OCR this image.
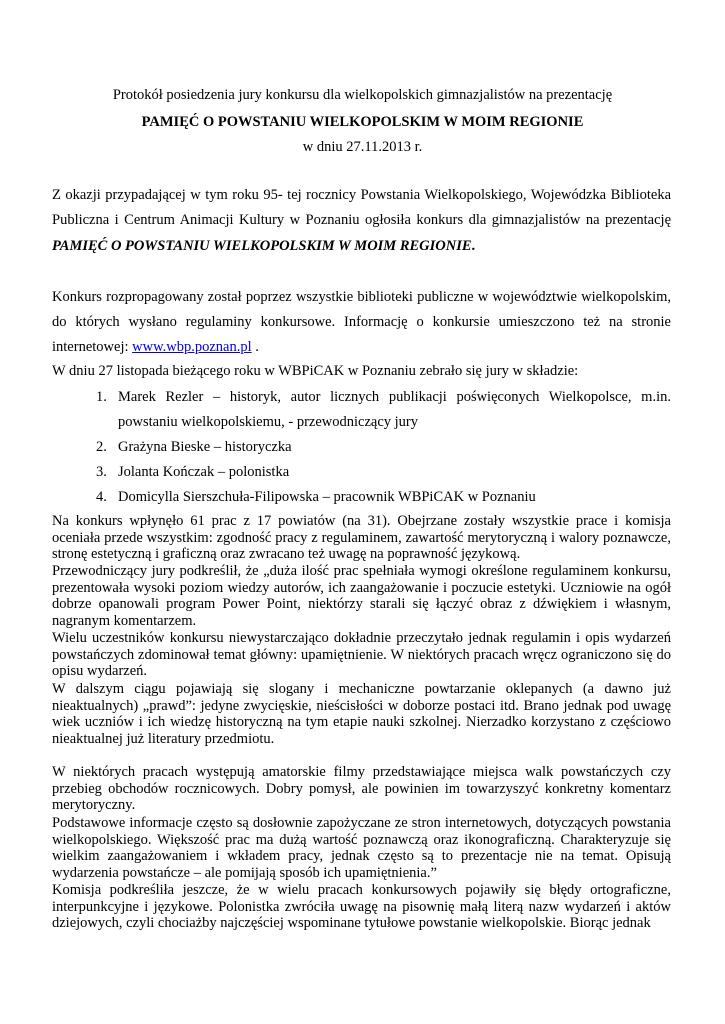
Protokół posiedzenia jury konkursu dla wielkopolskich gimnazjalistów na prezentację
PAMIĘĆ O POWSTANIU WIELKOPOLSKIM W MOIM REGIONIE
w dniu 27.11.2013 r.
Z okazji przypadającej w tym roku 95- tej rocznicy Powstania Wielkopolskiego, Wojewódzka Biblioteka
Publiczna i Centrum Animacji Kultury w Poznaniu ogłosiła konkurs dla gimnazjalistów na prezentację
PAMIĘĆ O POWSTANIU WIELKOPOLSKIM W MOIM REGIONIE.
Konkurs rozpropagowany został poprzez wszystkie biblioteki publiczne w województwie wielkopolskim,
do których wysłano regulaminy konkursowe. Informację o konkursie umieszczono też na stronie
internetowej: www.wbp.poznan.pl .
W dniu 27 listopada bieżącego roku w WBPiCAK w Poznaniu zebrało się jury w składzie:
1. Marek Rezler – historyk, autor licznych publikacji poświęconych Wielkopolsce, m.in.
powstaniu wielkopolskiemu, - przewodniczący jury
2. Grażyna Bieske – historyczka
3. Jolanta Kończak – polonistka
4. Domicylla Sierszchuła-Filipowska – pracownik WBPiCAK w Poznaniu

Na konkurs wpłynęło 61 prac z 17 powiatów (na 31). Obejrzane zostały wszystkie prace i komisja oceniała przede wszystkim: zgodność pracy z regulaminem, zawartość merytoryczną i walory poznawcze, stronę estetyczną i graficzną oraz zwracano też uwagę na poprawność językową.

Przewodniczący jury podkreślił, że „duża ilość prac spełniała wymogi określone regulaminem konkursu, prezentowała wysoki poziom wiedzy autorów, ich zaangażowanie i poczucie estetyki. Uczniowie na ogół dobrze opanowali program Power Point, niektórzy starali się łączyć obraz z dźwiękiem i własnym, nagranym komentarzem.

Wielu uczestników konkursu niewystarczająco dokładnie przeczytało jednak regulamin i opis wydarzeń powstańczych zdominował temat główny: upamiętnienie. W niektórych pracach wręcz ograniczono się do opisu wydarzeń.

W dalszym ciągu pojawiają się slogany i mechaniczne powtarzanie oklepanych (a dawno już nieaktualnych) „prawd”: jedyne zwycięskie, nieścisłości w doborze postaci itd. Brano jednak pod uwagę wiek uczniów i ich wiedzę historyczną na tym etapie nauki szkolnej. Nierzadko korzystano z częściowo nieaktualnej już literatury przedmiotu.

W niektórych pracach występują amatorskie filmy przedstawiające miejsca walk powstańczych czy przebieg obchodów rocznicowych. Dobry pomysł, ale powinien im towarzyszyć konkretny komentarz merytoryczny.

Podstawowe informacje często są dosłownie zapożyczane ze stron internetowych, dotyczących powstania wielkopolskiego. Większość prac ma dużą wartość poznawczą oraz ikonograficzną. Charakteryzuje się wielkim zaangażowaniem i wkładem pracy, jednak często są to prezentacje nie na temat. Opisują wydarzenia powstańcze – ale pomijają sposób ich upamiętnienia.”

Komisja podkreśliła jeszcze, że w wielu pracach konkursowych pojawiły się błędy ortograficzne, interpunkcyjne i językowe. Polonistka zwróciła uwagę na pisownię małą literą nazw wydarzeń i aktów dziejowych, czyli chociażby najczęściej wspominane tytułowe powstanie wielkopolskie. Biorąc jednak
